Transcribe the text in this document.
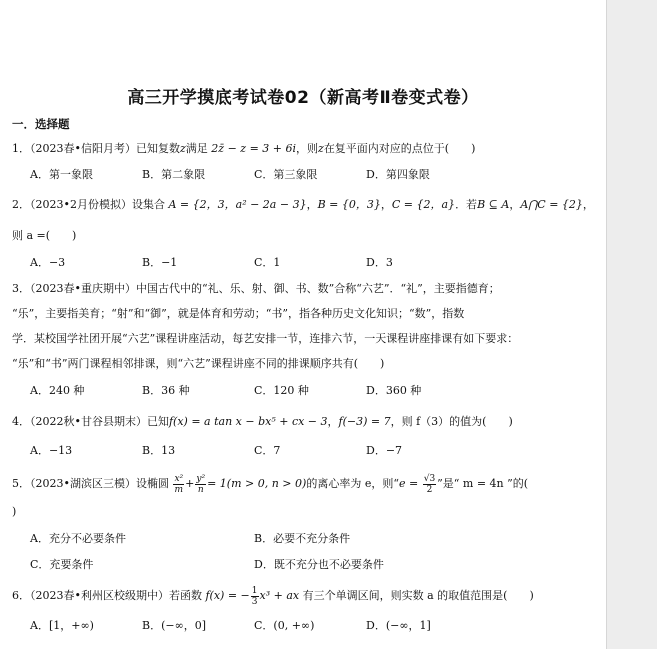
高三开学摸底考试卷02（新高考Ⅱ卷变式卷）
一．选择题
1．（2023春•信阳月考）已知复数z满足 2z̄ − z = 3 + 6i，则z在复平面内对应的点位于(　　)
A．第一象限	B．第二象限	C．第三象限	D．第四象限
2．（2023•2月份模拟）设集合 A = {2，3，a² − 2a − 3}，B = {0，3}，C = {2，a}．若B ⊆ A，A⋂C = {2}，
则 a =(　　)
A．−3	B．−1	C．1	D．3
3．（2023春•重庆期中）中国古代中的“礼、乐、射、御、书、数”合称“六艺”．“礼”，主要指德育；
“乐”，主要指美育；“射”和“御”，就是体育和劳动；“书”，指各种历史文化知识；“数”，指数
学．某校国学社团开展“六艺”课程讲座活动，每艺安排一节，连排六节，一天课程讲座排课有如下要求：
“乐”和“书”两门课程相邻排课，则“六艺”课程讲座不同的排课顺序共有(　　)
A．240 种	B．36 种	C．120 种	D．360 种
4．（2022秋•甘谷县期末）已知f(x) = a tan x − bx⁵ + cx − 3，f(−3) = 7，则 f（3）的值为(　　)
A．−13	B．13	C．7	D．−7
5．（2023•湖滨区三模）设椭圆 $\frac{\text{x²}}{m} + \frac{\text{y²}}{n} = 1(m > 0$, n > 0)的离心率为 e，则“$e = \frac{√3}{2}$ ”是“ m = 4n ”的(
)
A．充分不必要条件	B．必要不充分条件
C．充要条件	D．既不充分也不必要条件
6．（2023春•利州区校级期中）若函数 f(x) = − $\frac{1}{3} x^3$ + ax 有三个单调区间，则实数 a 的取值范围是(　　)
A．[1，+∞)	B．(−∞，0]	C．(0, +∞)	D．(−∞，1]
